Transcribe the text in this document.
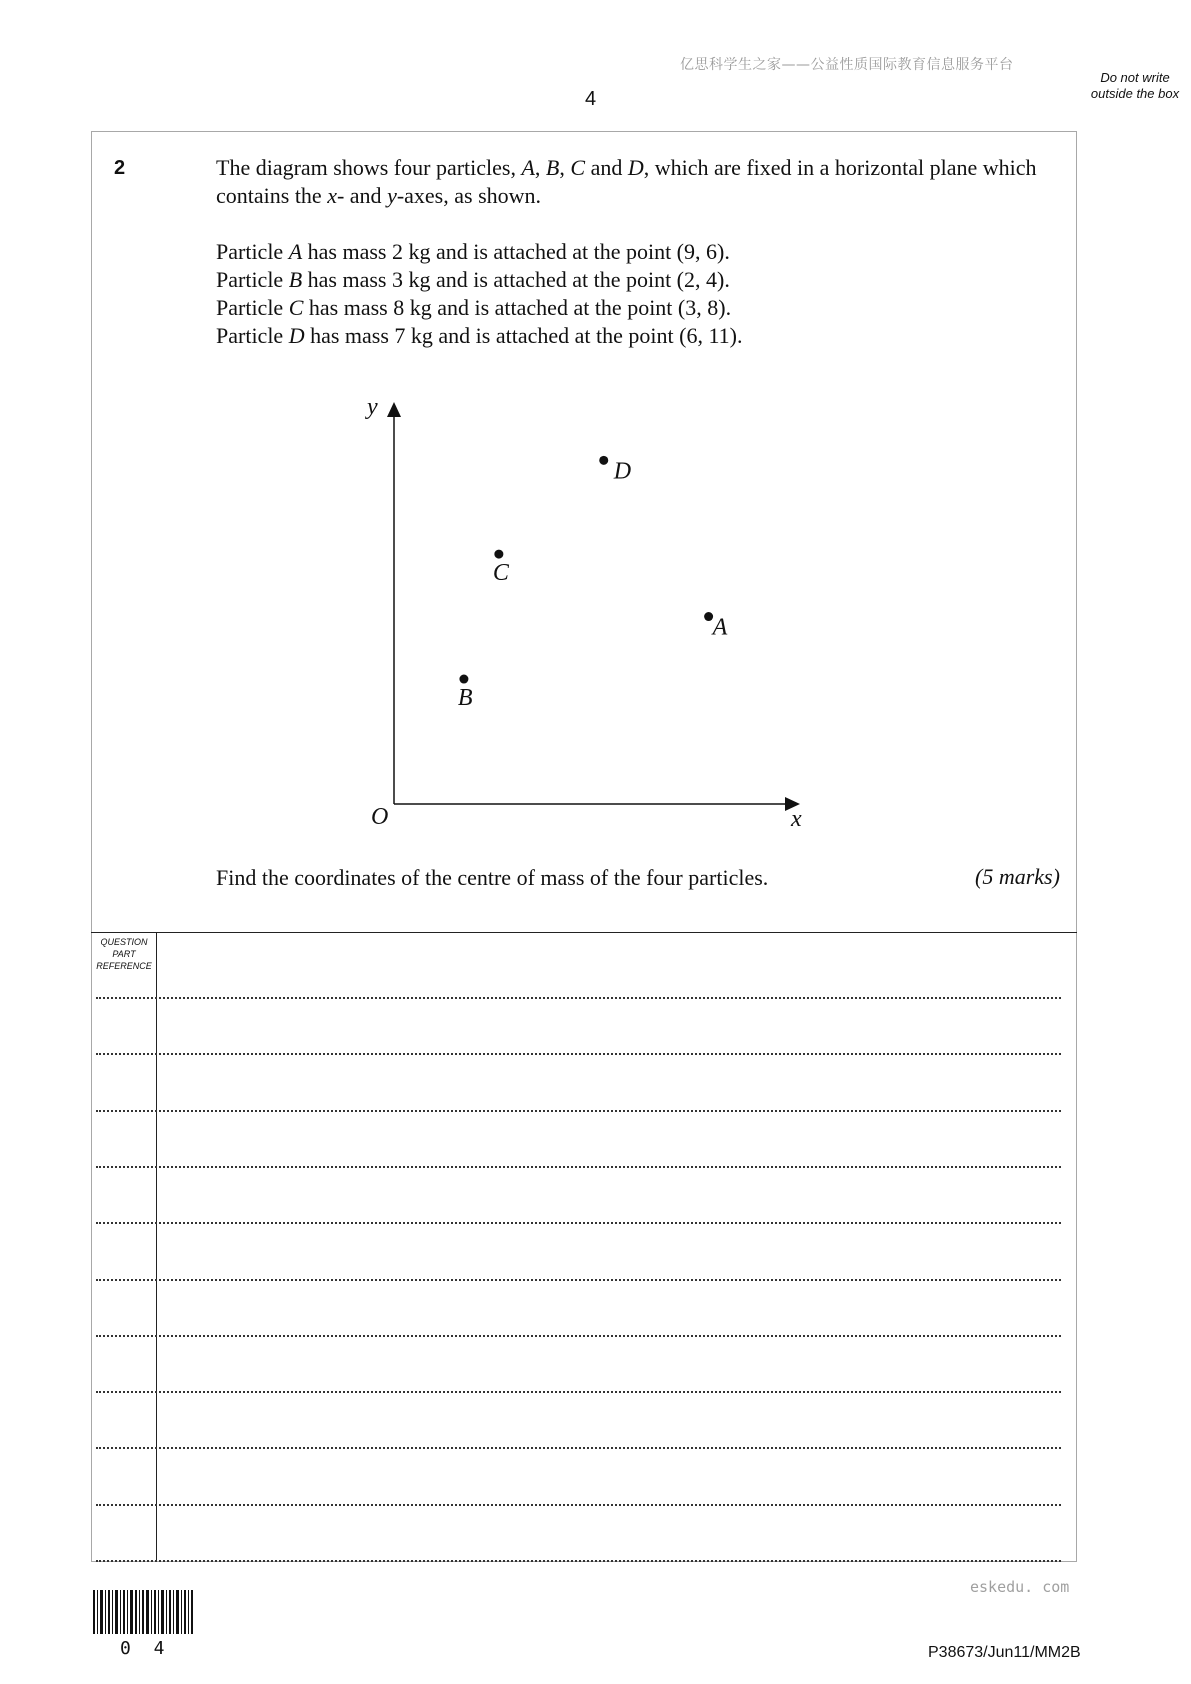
亿思科学生之家——公益性质国际教育信息服务平台
4
Do not write outside the box
2	The diagram shows four particles, A, B, C and D, which are fixed in a horizontal plane which contains the x- and y-axes, as shown.
Particle A has mass 2 kg and is attached at the point (9, 6).
Particle B has mass 3 kg and is attached at the point (2, 4).
Particle C has mass 8 kg and is attached at the point (3, 8).
Particle D has mass 7 kg and is attached at the point (6, 11).
y
O	x
A
B
C
D
Find the coordinates of the centre of mass of the four particles.	(5 marks)
QUESTION PART REFERENCE
eskedu. com
0 4	P38673/Jun11/MM2B
